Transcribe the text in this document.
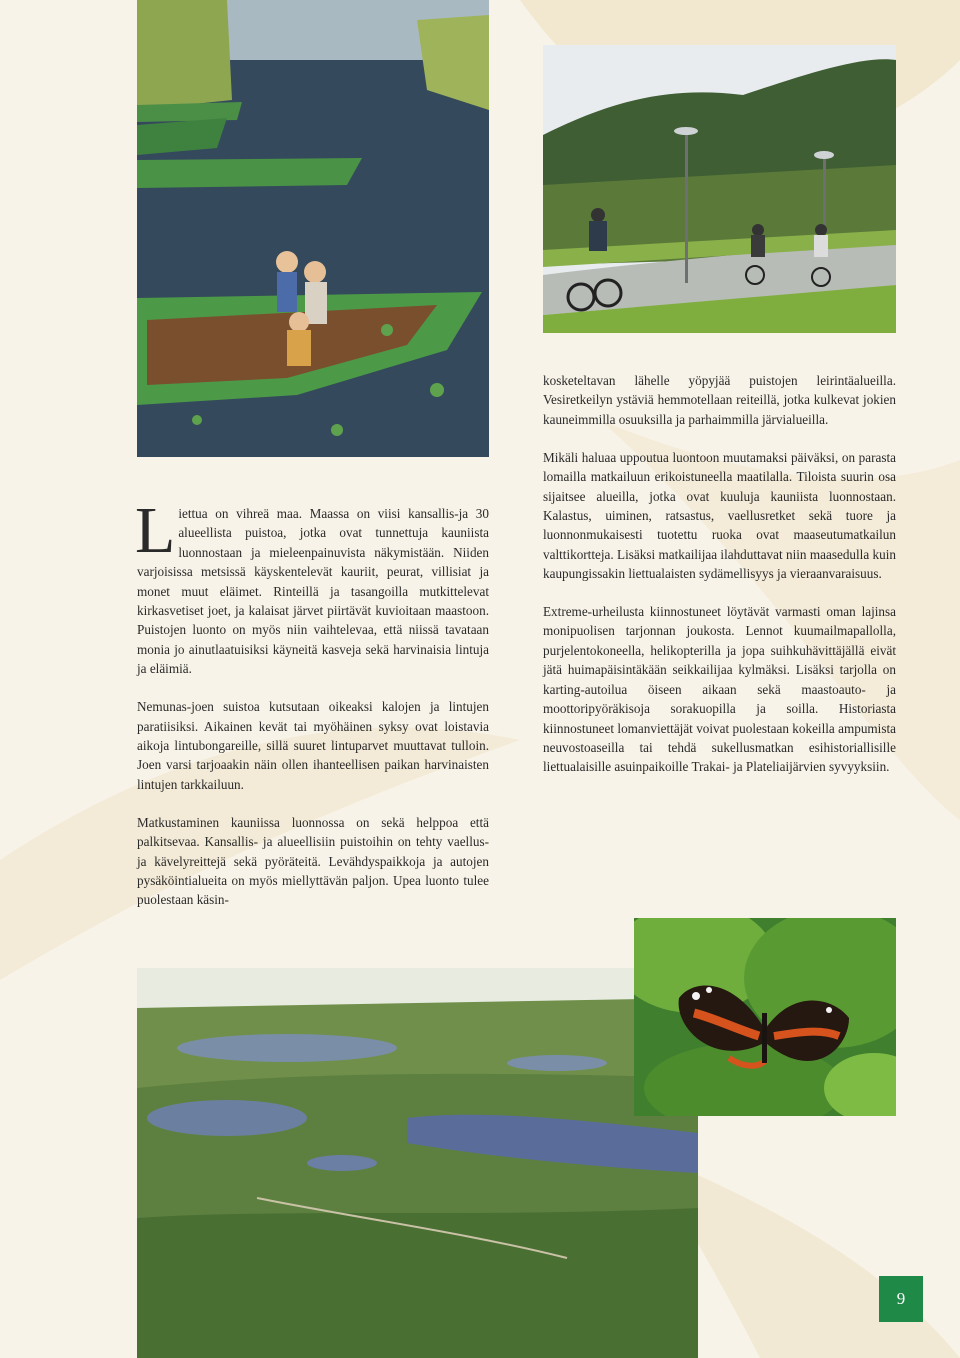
Liettua on vihreä maa. Maassa on viisi kansallis-ja 30 alueellista puistoa, jotka ovat tunnettuja kauniista luonnostaan ja mieleenpainuvista näkymistään. Niiden varjoisissa metsissä käyskentelevät kauriit, peurat, villisiat ja monet muut eläimet. Rinteillä ja tasangoilla mutkittelevat kirkasvetiset joet, ja kalaisat järvet piirtävät kuvioitaan maastoon. Puistojen luonto on myös niin vaihtelevaa, että niissä tavataan monia jo ainutlaatuisiksi käyneitä kasveja sekä harvinaisia lintuja ja eläimiä.

Nemunas-joen suistoa kutsutaan oikeaksi kalojen ja lintujen paratiisiksi. Aikainen kevät tai myöhäinen syksy ovat loistavia aikoja lintubongareille, sillä suuret lintuparvet muuttavat tulloin. Joen varsi tarjoaakin näin ollen ihanteellisen paikan harvinaisten lintujen tarkkailuun.

Matkustaminen kauniissa luonnossa on sekä helppoa että palkitsevaa. Kansallis- ja alueellisiin puistoihin on tehty vaellus- ja kävelyreittejä sekä pyöräteitä. Levähdyspaikkoja ja autojen pysäköintialueita on myös miellyttävän paljon. Upea luonto tulee puolestaan käsin-

kosketeltavan lähelle yöpyjää puistojen leirintäalueilla. Vesiretkeilyn ystäviä hemmotellaan reiteillä, jotka kulkevat jokien kauneimmilla osuuksilla ja parhaimmilla järvialueilla.

Mikäli haluaa uppoutua luontoon muutamaksi päiväksi, on parasta lomailla matkailuun erikoistuneella maatilalla. Tiloista suurin osa sijaitsee alueilla, jotka ovat kuuluja kauniista luonnostaan. Kalastus, uiminen, ratsastus, vaellusretket sekä tuore ja luonnonmukaisesti tuotettu ruoka ovat maaseutumatkailun valttikortteja. Lisäksi matkailijaa ilahduttavat niin maasedulla kuin kaupungissakin liettualaisten sydämellisyys ja vieraanvaraisuus.

Extreme-urheilusta kiinnostuneet löytävät varmasti oman lajinsa monipuolisen tarjonnan joukosta. Lennot kuumailmapallolla, purjelentokoneella, helikopterilla ja jopa suihkuhävittäjällä eivät jätä huimapäisintäkään seikkailijaa kylmäksi. Lisäksi tarjolla on karting-autoilua öiseen aikaan sekä maastoauto- ja moottoripyöräkisoja sorakuopilla ja soilla. Historiasta kiinnostuneet lomanviettäjät voivat puolestaan kokeilla ampumista neuvostoaseilla tai tehdä sukellusmatkan esihistoriallisille liettualaisille asuinpaikoille Trakai- ja Plateliaijärvien syvyyksiin.

9
